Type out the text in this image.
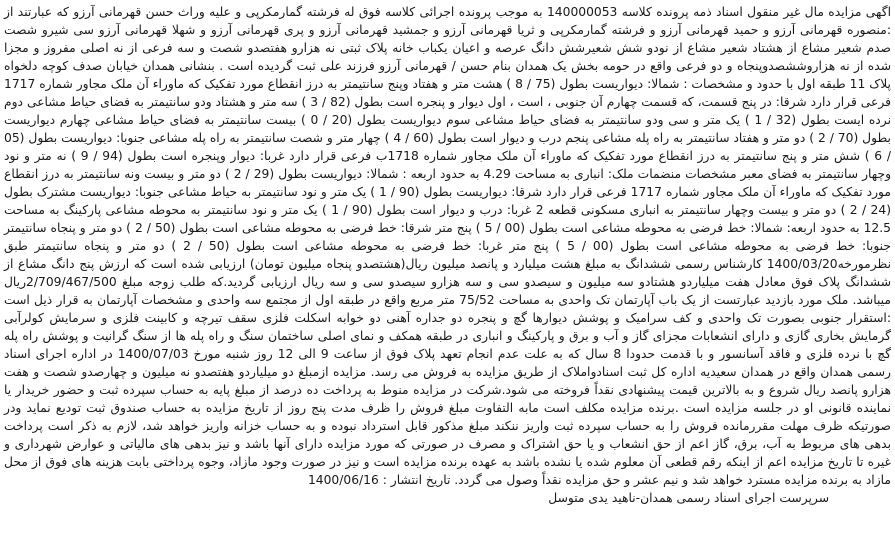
اگهی مزایده مال غیر منقول اسناد ذمه پرونده کلاسه 140000053 به موجب پرونده اجرائی کلاسه فوق له فرشته گمارمکرپی و علیه وراث حسن قهرمانی آرزو که عبارتند از :منصوره قهرمانی آرزو و حمید قهرمانی آرزو و فرشته گمارمکرپی و ثریا قهرمانی آرزو و جمشید قهرمانی آرزو و پری قهرمانی آرزو و شهلا قهرمانی آرزو سی شیرو شصت صدم شعیر مشاع از هشتاد شعیر مشاع از نودو شش شعیرشش دانگ عرصه و اعیان یکباب خانه پلاک ثبتی نه هزارو هفتصدو شصت و سه فرعی از نه اصلی مفروز و مجزا شده از نه هزاروششصدوپنجاه و دو فرعی واقع در حومه بخش یک همدان بنام حسن / قهرمانی آرزو فرزند علی ثبت گردیده است . بنشانی همدان خیابان صدف کوچه دلخواه پلاک 11 طبقه اول با حدود و مشخصات : شمالا: دیواریست بطول (75 / 8 ) هشت متر و هفتاد وپنج سانتیمتر به درز انقطاع مورد تفکیک که ماوراء آن ملک مجاور شماره 1717 فرعی قرار دارد شرقا: در پنج قسمت، که قسمت چهارم آن جنوبی ، است ، اول دیوار و پنجره است بطول (82 / 3 ) سه متر و هشتاد ودو سانتیمتر به فضای حیاط مشاعی دوم نرده ایست بطول (32 / 1 ) یک متر و سی ودو سانتیمتر به فضای حیاط مشاعی سوم دیواریست بطول (20 / 0 ) بیست سانتیمتر به فضای حیاط مشاعی چهارم دیواریست بطول (70 / 2 ) دو متر و هفتاد سانتیمتر به راه پله مشاعی پنجم درب و دیوار است بطول (60 / 4 ) چهار متر و شصت سانتیمتر به راه پله مشاعی جنوبا: دیواریست بطول (05 / 6 ) شش متر و پنج سانتیمتر به درز انقطاع مورد تفکیک که ماوراء آن ملک مجاور شماره 1718ب فرعی قرار دارد غربا: دیوار وپنجره است بطول (94 / 9 ) نه متر و نود وچهار سانتیمتر به فضای معبر مشخصات منضمات ملک: انباری به مساحت 4.29 به حدود اربعه : شمالا: دیواریست بطول (29 / 2 ) دو متر و بیست ونه سانتیمتر به درز انقطاع مورد تفکیک که ماوراء آن ملک مجاور شماره 1717 فرعی قرار دارد شرقا: دیواریست بطول (90 / 1 ) یک متر و نود سانتیمتر به حیاط مشاعی جنوبا: دیواریست مشترک بطول (24 / 2 ) دو متر و بیست وچهار سانتیمتر به انباری مسکونی قطعه 2 غربا: درب و دیوار است بطول (90 / 1 ) یک متر و نود سانتیمتر به محوطه مشاعی پارکینگ به مساحت 12.5 به حدود اربعه: شمالا: خط فرضی به محوطه مشاعی است بطول (00 / 5 ) پنج متر شرقا: خط فرضی به محوطه مشاعی است بطول (50 / 2 ) دو متر و پنجاه سانتیمتر جنوبا: خط فرضی به محوطه مشاعی است بطول (00 / 5 ) پنج متر غربا: خط فرضی به محوطه مشاعی است بطول (50 / 2 ) دو متر و پنجاه سانتیمتر طبق نظرمورخه1400/03/20 کارشناس رسمی ششدانگ به مبلغ هشت میلیارد و پانصد میلیون ریال(هشتصدو پنجاه میلیون تومان) ارزیابی شده است که ارزش پنج دانگ مشاع از ششدانگ پلاک فوق معادل هفت میلیاردو هشتادو سه میلیون و سیصدو سی و سه هزارو سیصدو سی و سه ریال ارزیابی گردید.که طلب زوجه مبلغ 2/709/467/500ریال میباشد. ملک مورد بازدید عبارتست از یک باب آپارتمان تک واحدی به مساحت 75/52 متر مربع واقع در طبقه اول از مجتمع سه واحدی و مشخصات آپارتمان به قرار ذیل است :استقرار جنوبی بصورت تک واحدی و کف سرامیک و پوشش دیوارها گچ و پنجره دو جداره آهنی دو خوابه اسکلت فلزی سقف تیرچه و کابینت فلزی و سرمایش کولرآبی گرمایش بخاری گازی و دارای انشعابات مجزای گاز و آب و برق و پارکینگ و انباری در طبقه همکف و نمای اصلی ساختمان سنگ و راه پله ها از سنگ گرانیت و پوشش راه پله گچ با نرده فلزی و فاقد آسانسور و با قدمت حدودا 8 سال که به علت عدم انجام تعهد پلاک فوق از ساعت 9 الی 12 روز شنبه مورخ 1400/07/03 در اداره اجرای اسناد رسمی همدان واقع در همدان سعیدیه اداره کل ثبت اسنادواملاک از طریق مزایده به فروش می رسد. مزایده ازمبلغ دو میلیاردو هفتصدو نه میلیون و چهارصدو شصت و هفت هزارو پانصد ریال شروع و به بالاترین قیمت پیشنهادی نقداً فروخته می شود.شرکت در مزایده منوط به پرداخت ده درصد از مبلغ پایه به حساب سپرده ثبت و حضور خریدار یا نماینده قانونی او در جلسه مزایده است .برنده مزایده مکلف است مابه التفاوت مبلغ فروش را ظرف مدت پنج روز از تاریخ مزایده به حساب صندوق ثبت تودیع نماید ودر صورتیکه ظرف مهلت مقررمانده فروش را به حساب سپرده ثبت واریز ننکند مبلغ مذکور قابل استرداد نبوده و به حساب خزانه واریز خواهد شد، لازم به ذکر است پرداخت بدهی های مربوط به آب، برق، گاز اعم از حق انشعاب و یا حق اشتراک و مصرف در صورتی که مورد مزایده دارای آنها باشد و نیز بدهی های مالیاتی و عوارض شهرداری و غیره تا تاریخ مزایده اعم از اینکه رقم قطعی آن معلوم شده یا نشده باشد به عهده برنده مزایده است و نیز در صورت وجود مازاد، وجوه پرداختی بابت هزینه های فوق از محل مازاد به برنده مزایده مسترد خواهد شد و نیم عشر و حق مزایده نقداً وصول می گردد. تاریخ انتشار : 1400/06/16

سرپرست اجرای اسناد رسمی همدان-ناهید یدی متوسل
